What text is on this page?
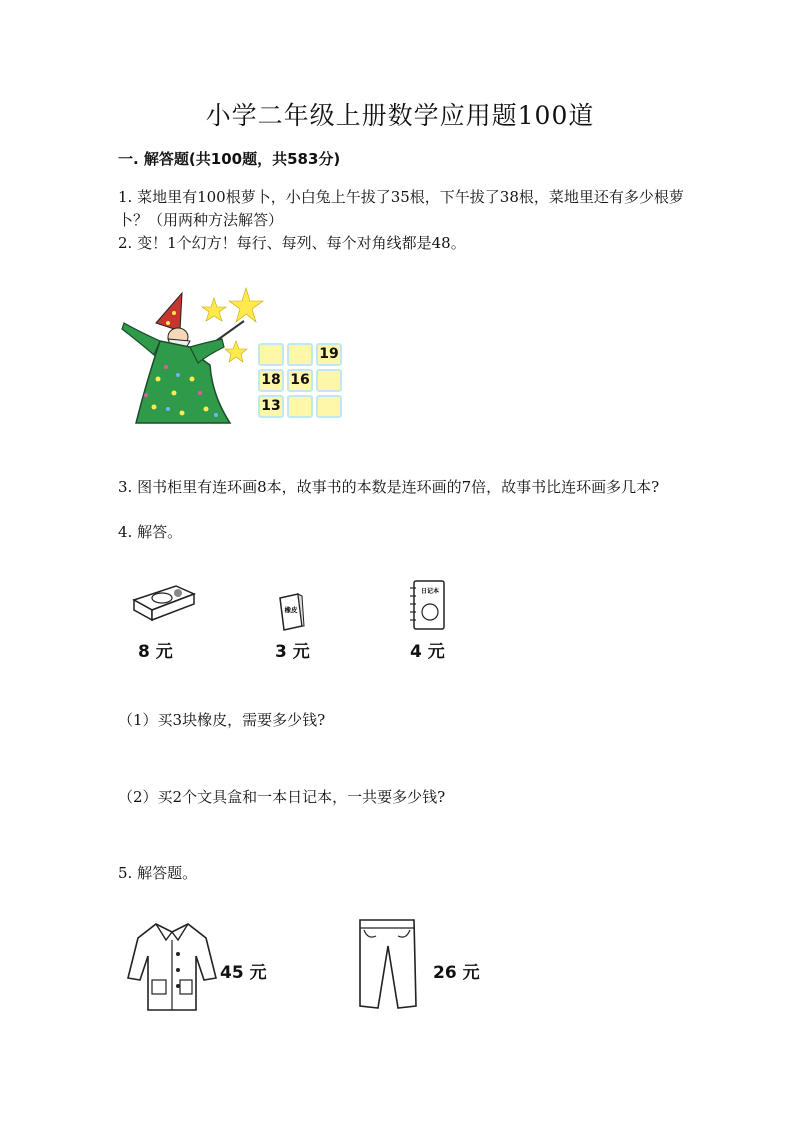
小学二年级上册数学应用题100道
一. 解答题(共100题，共583分)
1. 菜地里有100根萝卜，小白兔上午拔了35根，下午拔了38根，菜地里还有多少根萝卜？（用两种方法解答）
2. 变！1个幻方！每行、每列、每个对角线都是48。
19
18 16
13
3. 图书柜里有连环画8本，故事书的本数是连环画的7倍，故事书比连环画多几本?
4. 解答。
8 元
橡皮
3 元
日记本
4 元
（1）买3块橡皮，需要多少钱?
（2）买2个文具盒和一本日记本，一共要多少钱?
5. 解答题。
45 元	26 元
